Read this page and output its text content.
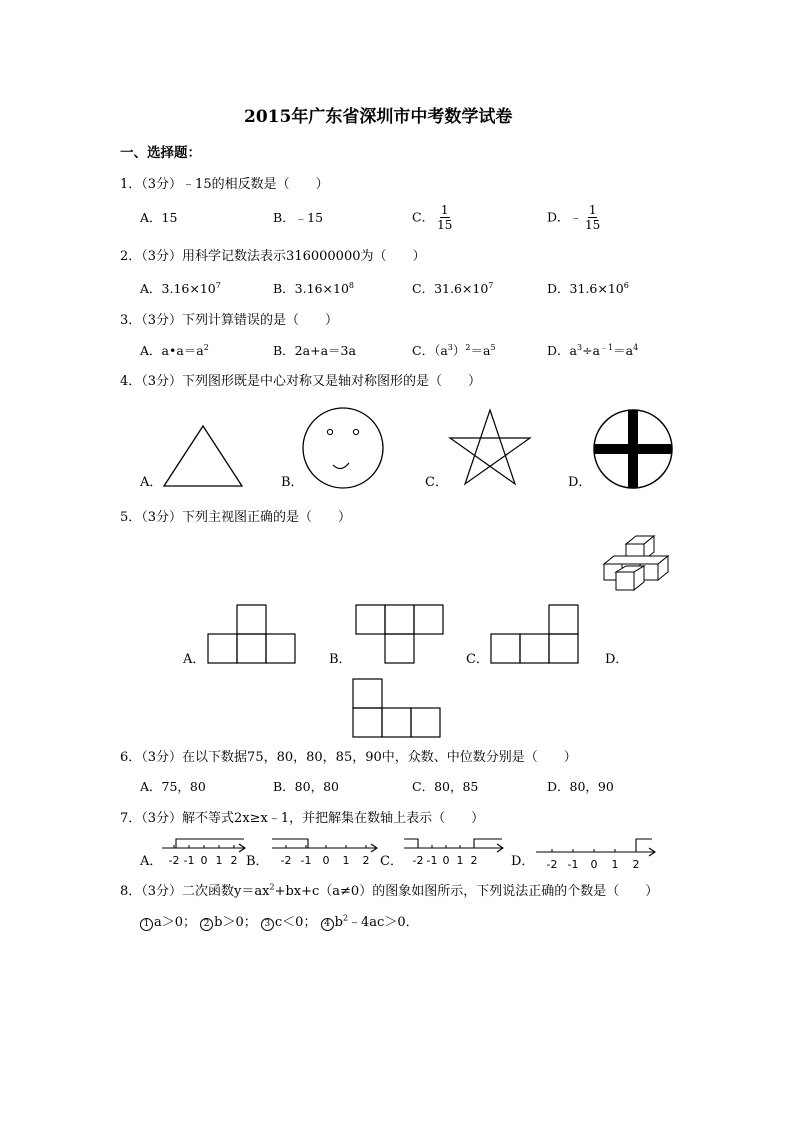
2015年广东省深圳市中考数学试卷
一、选择题：
1．（3分）﹣15的相反数是（　　）
A．15	B．﹣15	C． $\frac{1}{15}$	D．﹣ $\frac{1}{15}$
2．（3分）用科学记数法表示316000000为（　　）
A．$3.16\times 10^7$	B．$3.16\times 10^8$	C．$31.6\times 10^7$	D．$31.6\times 10^6$
3．（3分）下列计算错误的是（　　）
A．$a•a=a^2$	B．2a+a＝3a	C．$(a^3)^2=a^5$	D．$a^3\div a^{﹣1}=a^4$
4．（3分）下列图形既是中心对称又是轴对称图形的是（　　）
A．	B．	C．	D．
5．（3分）下列主视图正确的是（　　）
A．	B．	C．	D．
6．（3分）在以下数据75，80，80，85，90中，众数、中位数分别是（　　）
A．75，80	B．80，80	C．80，85	D．80，90
7．（3分）解不等式2x≥x﹣1，并把解集在数轴上表示（　　）
A．	B．	C．	D．
-2 -1 0 1 2	-2 -1 0 1 2	-2 -1 0 1 2	-2 -1 0 1 2
8．（3分）二次函数$y=ax^2+bx+c(a\ne 0)$的图象如图所示，下列说法正确的个数是（　　）
1 a＞0； 2 b＞0； 3 c＜0； 4 $b^2﹣4ac>0$．
